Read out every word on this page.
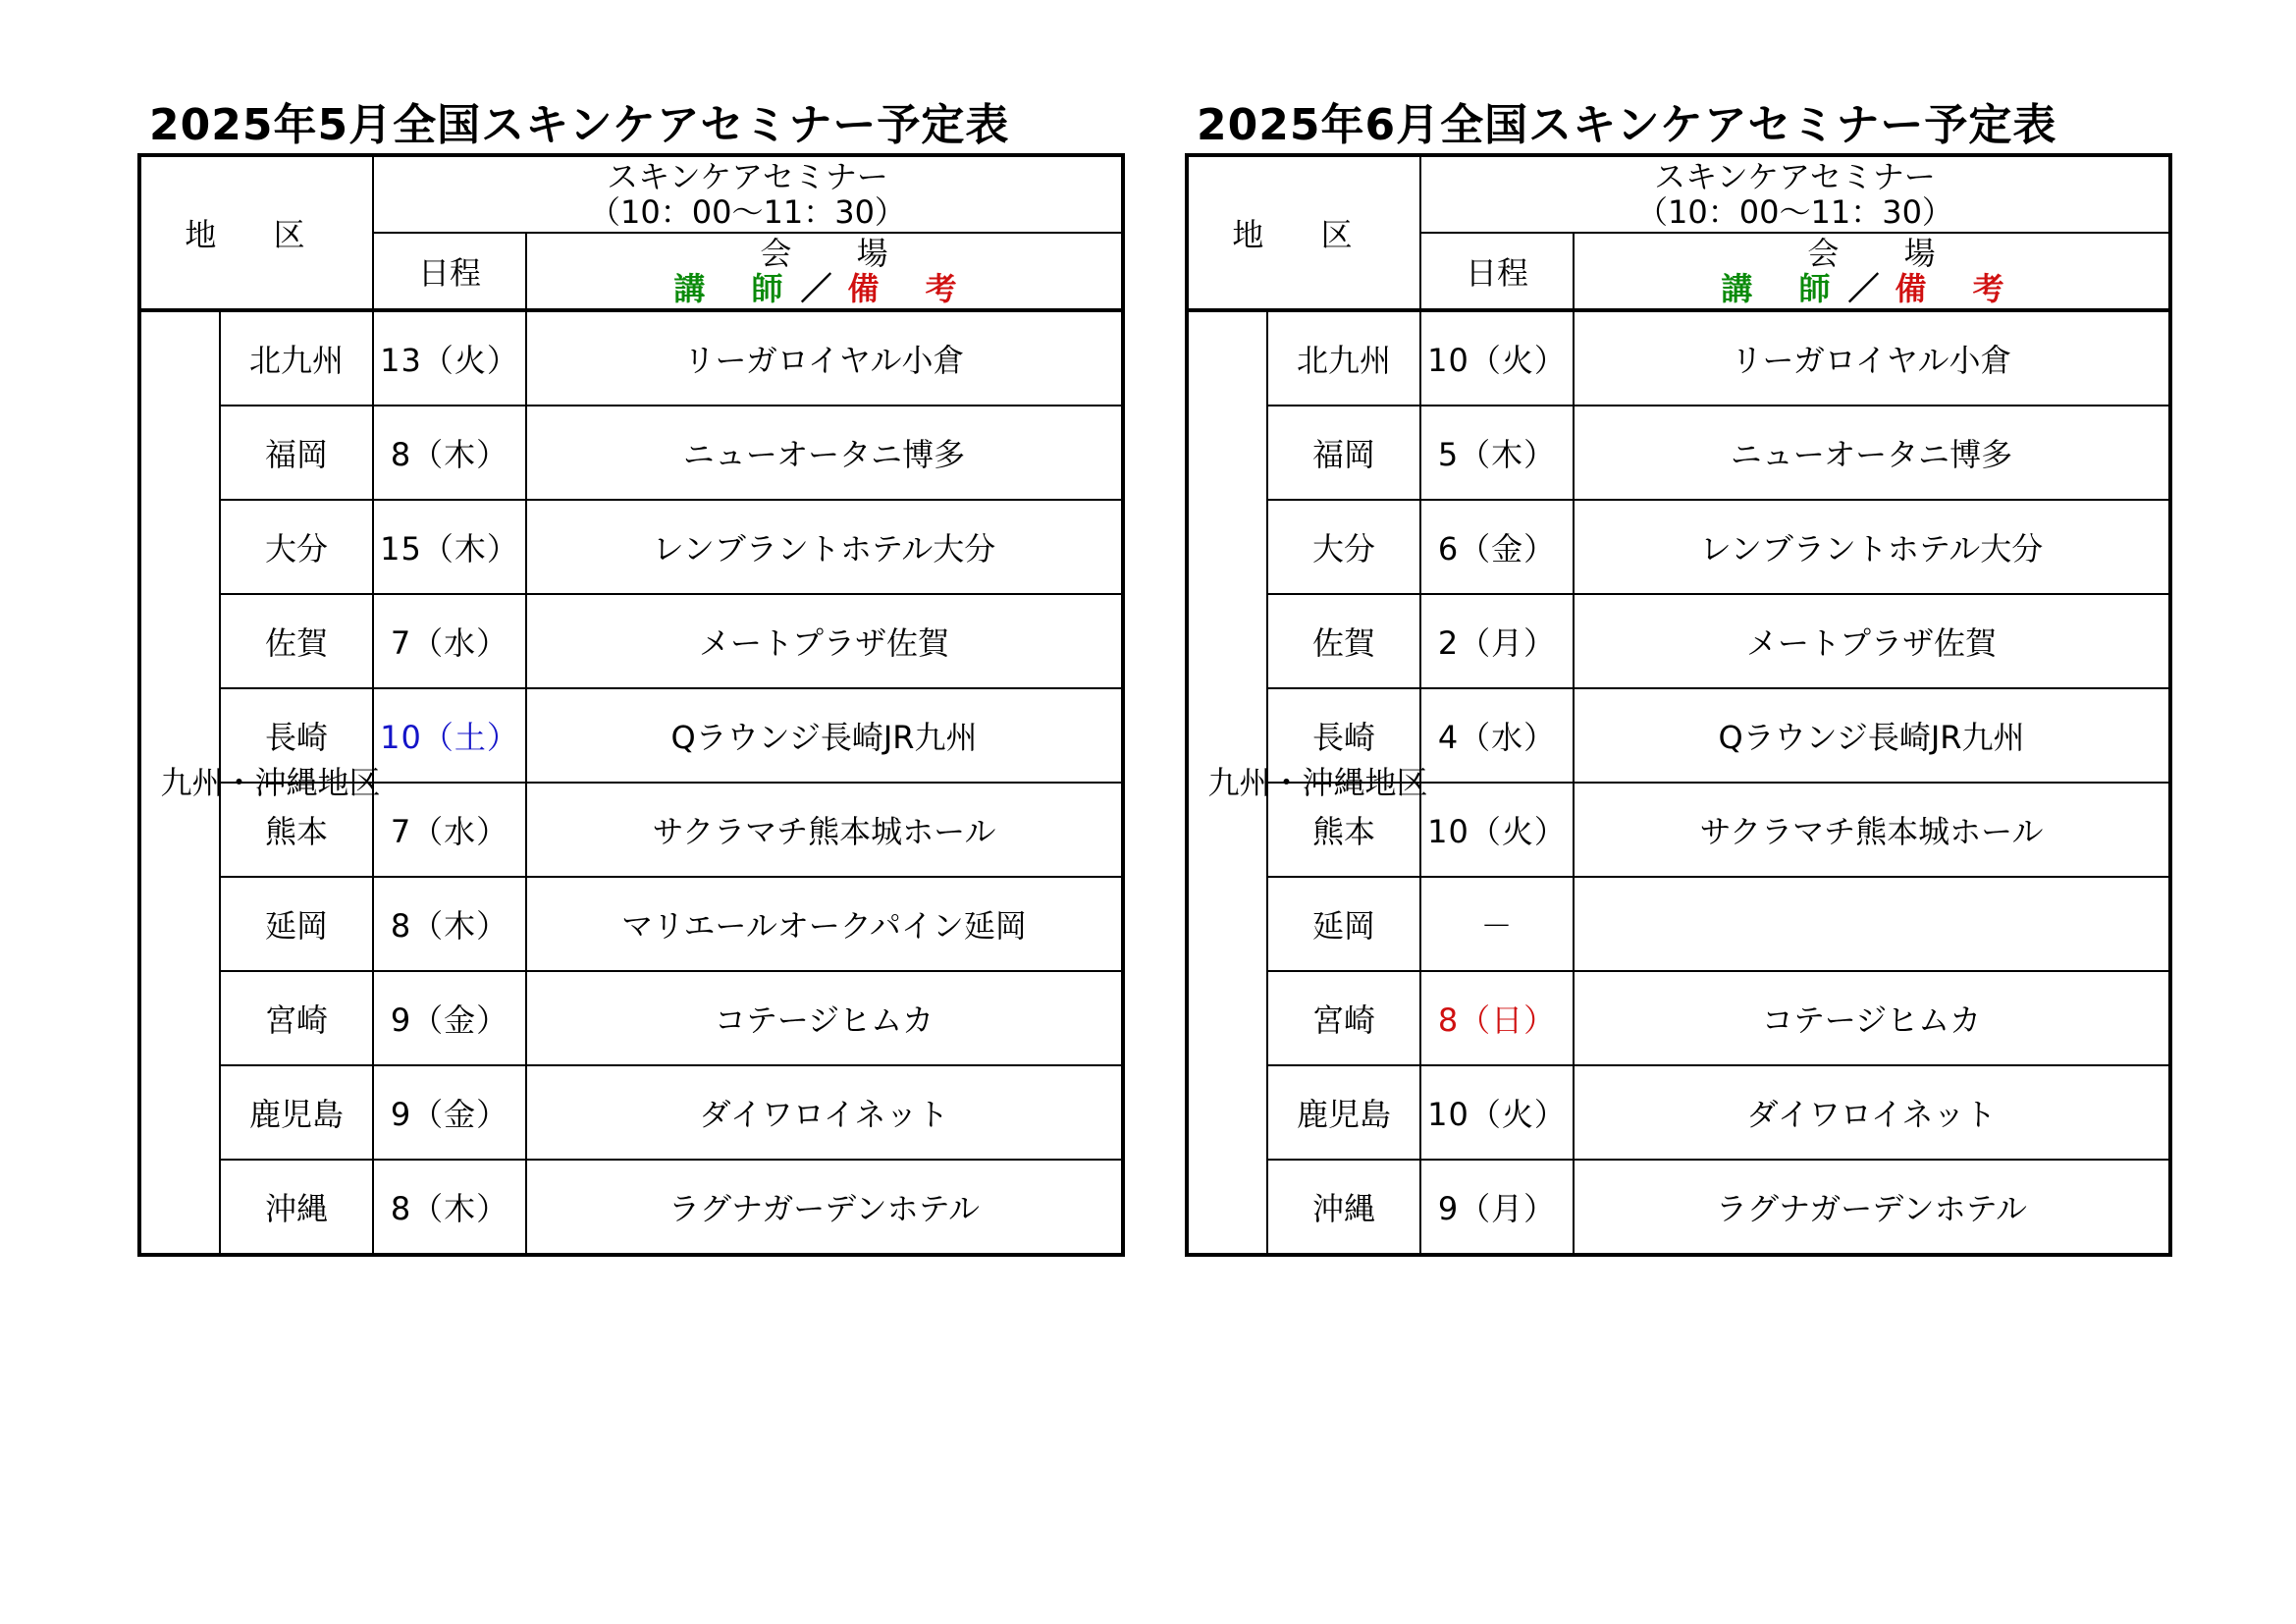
2025年5月全国スキンケアセミナー予定表
地 区		スキンケアセミナー
（10：00～11：30）	

		日程	会 場
講 師／ 備 考

九州・沖縄地区	北九州	13（火）	リーガロイヤル小倉
	福岡	8（木）	ニューオータニ博多
	大分	15（木）	レンブラントホテル大分
	佐賀	7（水）	メートプラザ佐賀
	長崎	10（土）	Qラウンジ長崎JR九州
	熊本	7（水）	サクラマチ熊本城ホール
	延岡	8（木）	マリエールオークパイン延岡
	宮崎	9（金）	コテージヒムカ
	鹿児島	9（金）	ダイワロイネット
	沖縄	8（木）	ラグナガーデンホテル
2025年6月全国スキンケアセミナー予定表
地 区		スキンケアセミナー
（10：00～11：30）	

		日程	会 場
講 師／ 備 考

九州・沖縄地区	北九州	10（火）	リーガロイヤル小倉
	福岡	5（木）	ニューオータニ博多
	大分	6（金）	レンブラントホテル大分
	佐賀	2（月）	メートプラザ佐賀
	長崎	4（水）	Qラウンジ長崎JR九州
	熊本	10（火）	サクラマチ熊本城ホール
	延岡	－	
	宮崎	8（日）	コテージヒムカ
	鹿児島	10（火）	ダイワロイネット
	沖縄	9（月）	ラグナガーデンホテル
